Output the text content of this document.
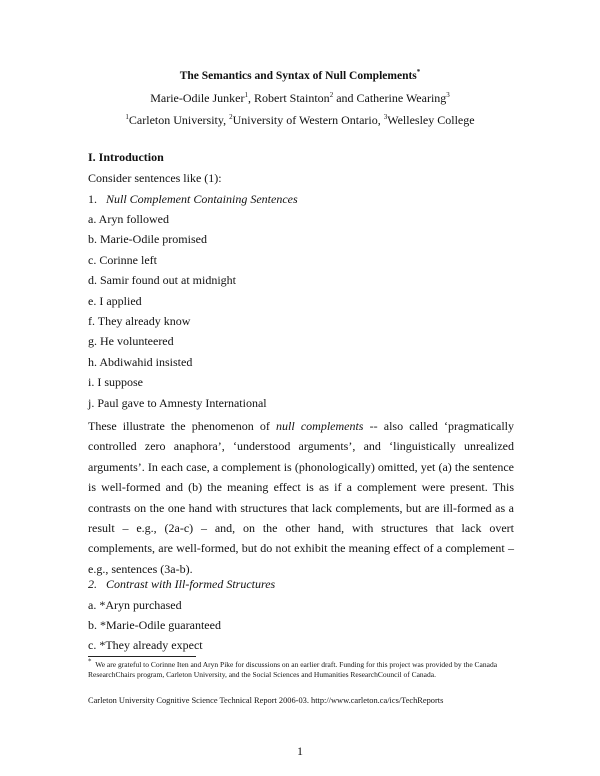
The Semantics and Syntax of Null Complements*
Marie-Odile Junker$^1$, Robert Stainton$^2$ and Catherine Wearing$^3$
$^1$Carleton University, $^2$University of Western Ontario, $^3$Wellesley College
I. Introduction
Consider sentences like (1):
1. Null Complement Containing Sentences
a. Aryn followed
b. Marie-Odile promised
c. Corinne left
d. Samir found out at midnight
e. I applied
f. They already know
g. He volunteered
h. Abdiwahid insisted
i. I suppose
j. Paul gave to Amnesty International
These illustrate the phenomenon of null complements -- also called ‘pragmatically controlled zero anaphora’, ‘understood arguments’, and ‘linguistically unrealized arguments’. In each case, a complement is (phonologically) omitted, yet (a) the sentence is well-formed and (b) the meaning effect is as if a complement were present. This contrasts on the one hand with structures that lack complements, but are ill-formed as a result – e.g., (2a-c) – and, on the other hand, with structures that lack overt complements, are well-formed, but do not exhibit the meaning effect of a complement – e.g., sentences (3a-b).
2. Contrast with Ill-formed Structures
a. *Aryn purchased
b. *Marie-Odile guaranteed
c. *They already expect
* We are grateful to Corinne Iten and Aryn Pike for discussions on an earlier draft. Funding for this project was provided by the Canada ResearchChairs program, Carleton University, and the Social Sciences and Humanities ResearchCouncil of Canada.
Carleton University Cognitive Science Technical Report 2006-03. http://www.carleton.ca/ics/TechReports
1
